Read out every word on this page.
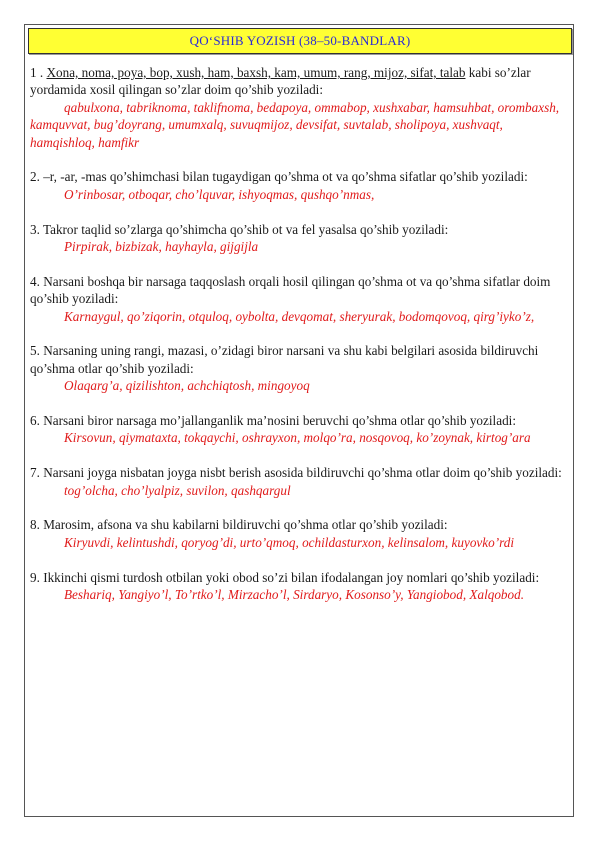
QO‘SHIB YOZISH (38–50-BANDLAR)

1 . Xona, noma, poya, bop, xush, ham, baxsh, kam, umum, rang, mijoz, sifat, talab kabi so’zlar yordamida xosil qilingan so’zlar doim qo’shib yoziladi:

qabulxona, tabriknoma, taklifnoma, bedapoya, ommabop, xushxabar, hamsuhbat, orombaxsh, kamquvvat, bug’doyrang, umumxalq, suvuqmijoz, devsifat, suvtalab, sholipoya, xushvaqt, hamqishloq, hamfikr

2. –r, -ar, -mas qo’shimchasi bilan tugaydigan qo’shma ot va qo’shma sifatlar qo’shib yoziladi:

O’rinbosar, otboqar, cho’lquvar, ishyoqmas, qushqo’nmas,

3. Takror taqlid so’zlarga qo’shimcha qo’shib ot va fel yasalsa qo’shib yoziladi:

Pirpirak, bizbizak, hayhayla, gijgijla

4. Narsani boshqa bir narsaga taqqoslash orqali hosil qilingan qo’shma ot va qo’shma sifatlar doim qo’shib yoziladi:

Karnaygul, qo’ziqorin, otquloq, oybolta, devqomat, sheryurak, bodomqovoq, qirg’iyko’z,

5. Narsaning uning rangi, mazasi, o’zidagi biror narsani va shu kabi belgilari asosida bildiruvchi qo’shma otlar qo’shib yoziladi:

Olaqarg’a, qizilishton, achchiqtosh, mingoyoq

6. Narsani biror narsaga mo’jallanganlik ma’nosini beruvchi qo’shma otlar qo’shib yoziladi:

Kirsovun, qiymataxta, tokqaychi, oshrayxon, molqo’ra, nosqovoq, ko’zoynak, kirtog’ara

7. Narsani joyga nisbatan joyga nisbt berish asosida bildiruvchi qo’shma otlar doim qo’shib yoziladi:

tog’olcha, cho’lyalpiz, suvilon, qashqargul

8. Marosim, afsona va shu kabilarni bildiruvchi qo’shma otlar qo’shib yoziladi:

Kiryuvdi, kelintushdi, qoryog’di, urto’qmoq, ochildasturxon, kelinsalom, kuyovko’rdi

9. Ikkinchi qismi turdosh otbilan yoki obod so’zi bilan ifodalangan joy nomlari qo’shib yoziladi:

Beshariq, Yangiyo’l, To’rtko’l, Mirzacho’l, Sirdaryo, Kosonso’y, Yangiobod, Xalqobod.
